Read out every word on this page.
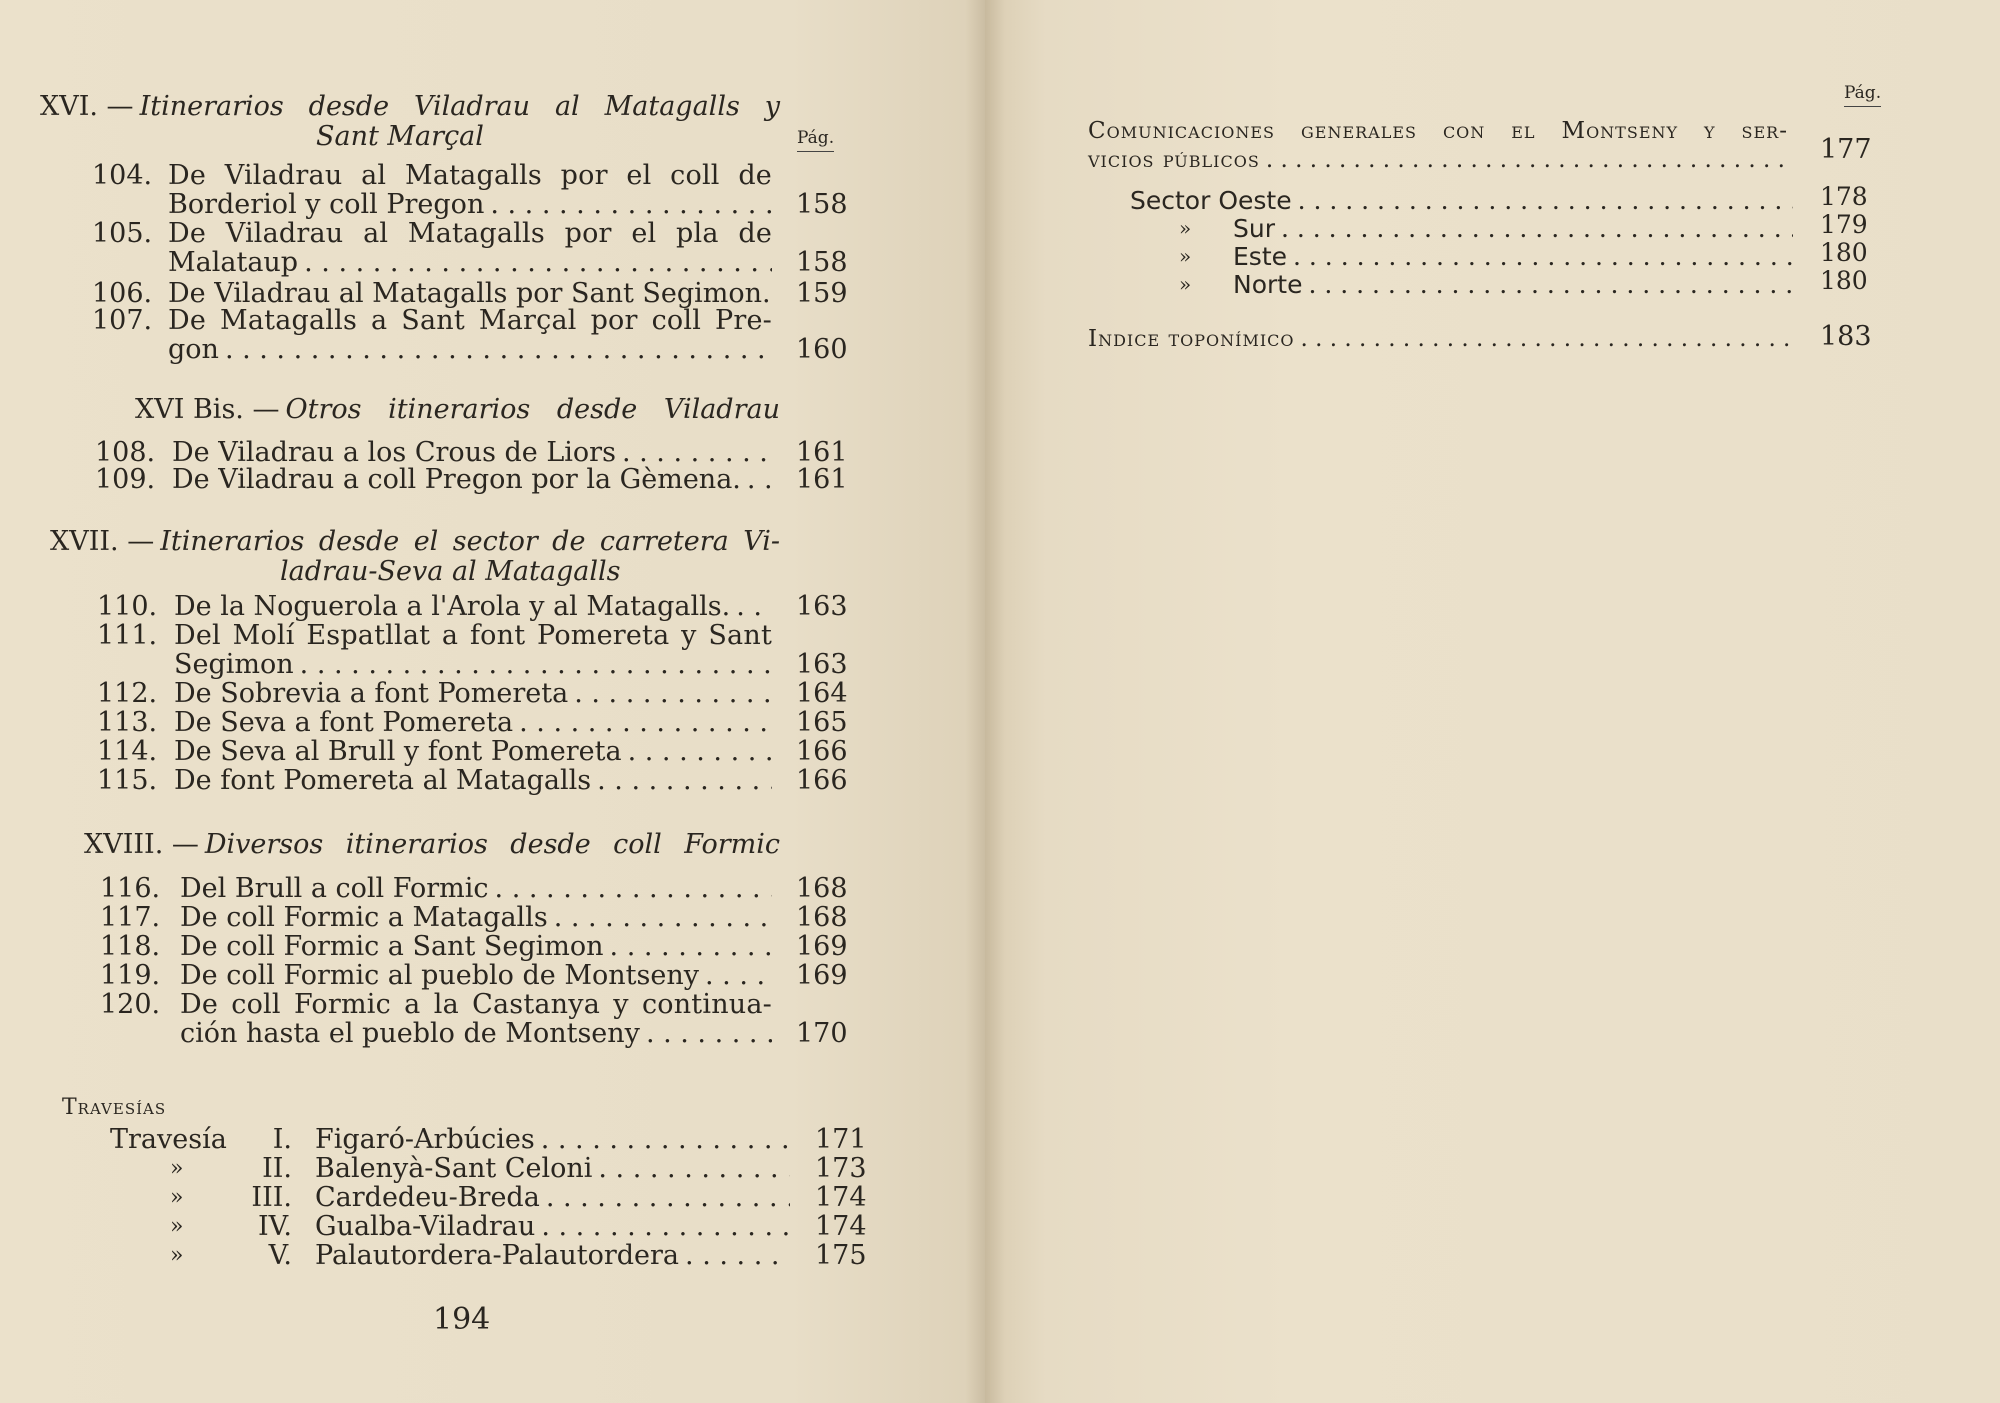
Pág.
XVI. — Itinerarios desde Viladrau al Matagalls y
Sant Marçal
104. De Viladrau al Matagalls por el coll de
Borderiol y coll Pregon . . .	158
105. De Viladrau al Matagalls por el pla de
Malataup . . .	158
106. De Viladrau al Matagalls por Sant Segimon. . . . 159
107. De Matagalls a Sant Marçal por coll Pre-
gon . . .	160
XVI Bis. — Otros itinerarios desde Viladrau
108. De Viladrau a los Crous de Liors . . .	161
109. De Viladrau a coll Pregon por la Gèmena. . . . 161
XVII. — Itinerarios desde el sector de carretera Vi-
ladrau-Seva al Matagalls
110. De la Noguerola a l'Arola y al Matagalls. . . . 163
111. Del Molí Espatllat a font Pomereta y Sant
Segimon . . .	163
112. De Sobrevia a font Pomereta . . .	164
113. De Seva a font Pomereta . . .	165
114. De Seva al Brull y font Pomereta . . .	166
115. De font Pomereta al Matagalls . . .	166
XVIII. — Diversos itinerarios desde coll Formic
116. Del Brull a coll Formic . . .	168
117. De coll Formic a Matagalls . . .	168
118. De coll Formic a Sant Segimon . . .	169
119. De coll Formic al pueblo de Montseny . . .	169
120. De coll Formic a la Castanya y continua-
ción hasta el pueblo de Montseny . . .	170
Travesías
Travesía I. Figaró-Arbúcies . . .	171
»	II. Balenyà-Sant Celoni . . .	173
»	III. Cardedeu-Breda . . .	174
»	IV. Gualba-Viladrau . . .	174
»	V. Palautordera-Palautordera . . .	175
194
Pág.
Comunicaciones generales con el Montseny y ser-
vicios públicos . . .	177
Sector Oeste . . .	178
» Sur . . .	179
» Este . . .	180
» Norte . . .	180
Indice toponímico . . .	183
